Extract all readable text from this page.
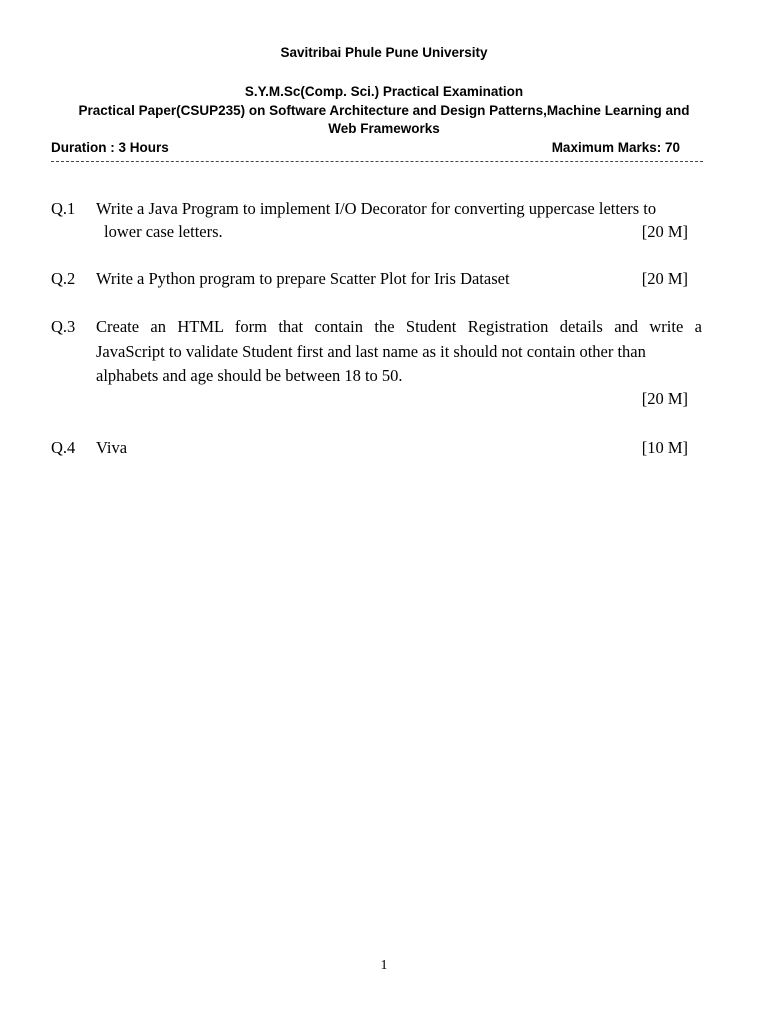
Savitribai Phule Pune University
S.Y.M.Sc(Comp. Sci.) Practical Examination
Practical Paper(CSUP235) on Software Architecture and Design Patterns,Machine Learning and
Web Frameworks
Duration : 3 Hours	Maximum Marks: 70
Q.1 Write a Java Program to implement I/O Decorator for converting uppercase letters to
lower case letters.	[20 M]
Q.2 Write a Python program to prepare Scatter Plot for Iris Dataset	[20 M]
Q.3 Create an HTML form that contain the Student Registration details and write a
JavaScript to validate Student first and last name as it should not contain other than
alphabets and age should be between 18 to 50.
[20 M]
Q.4 Viva	[10 M]
1
